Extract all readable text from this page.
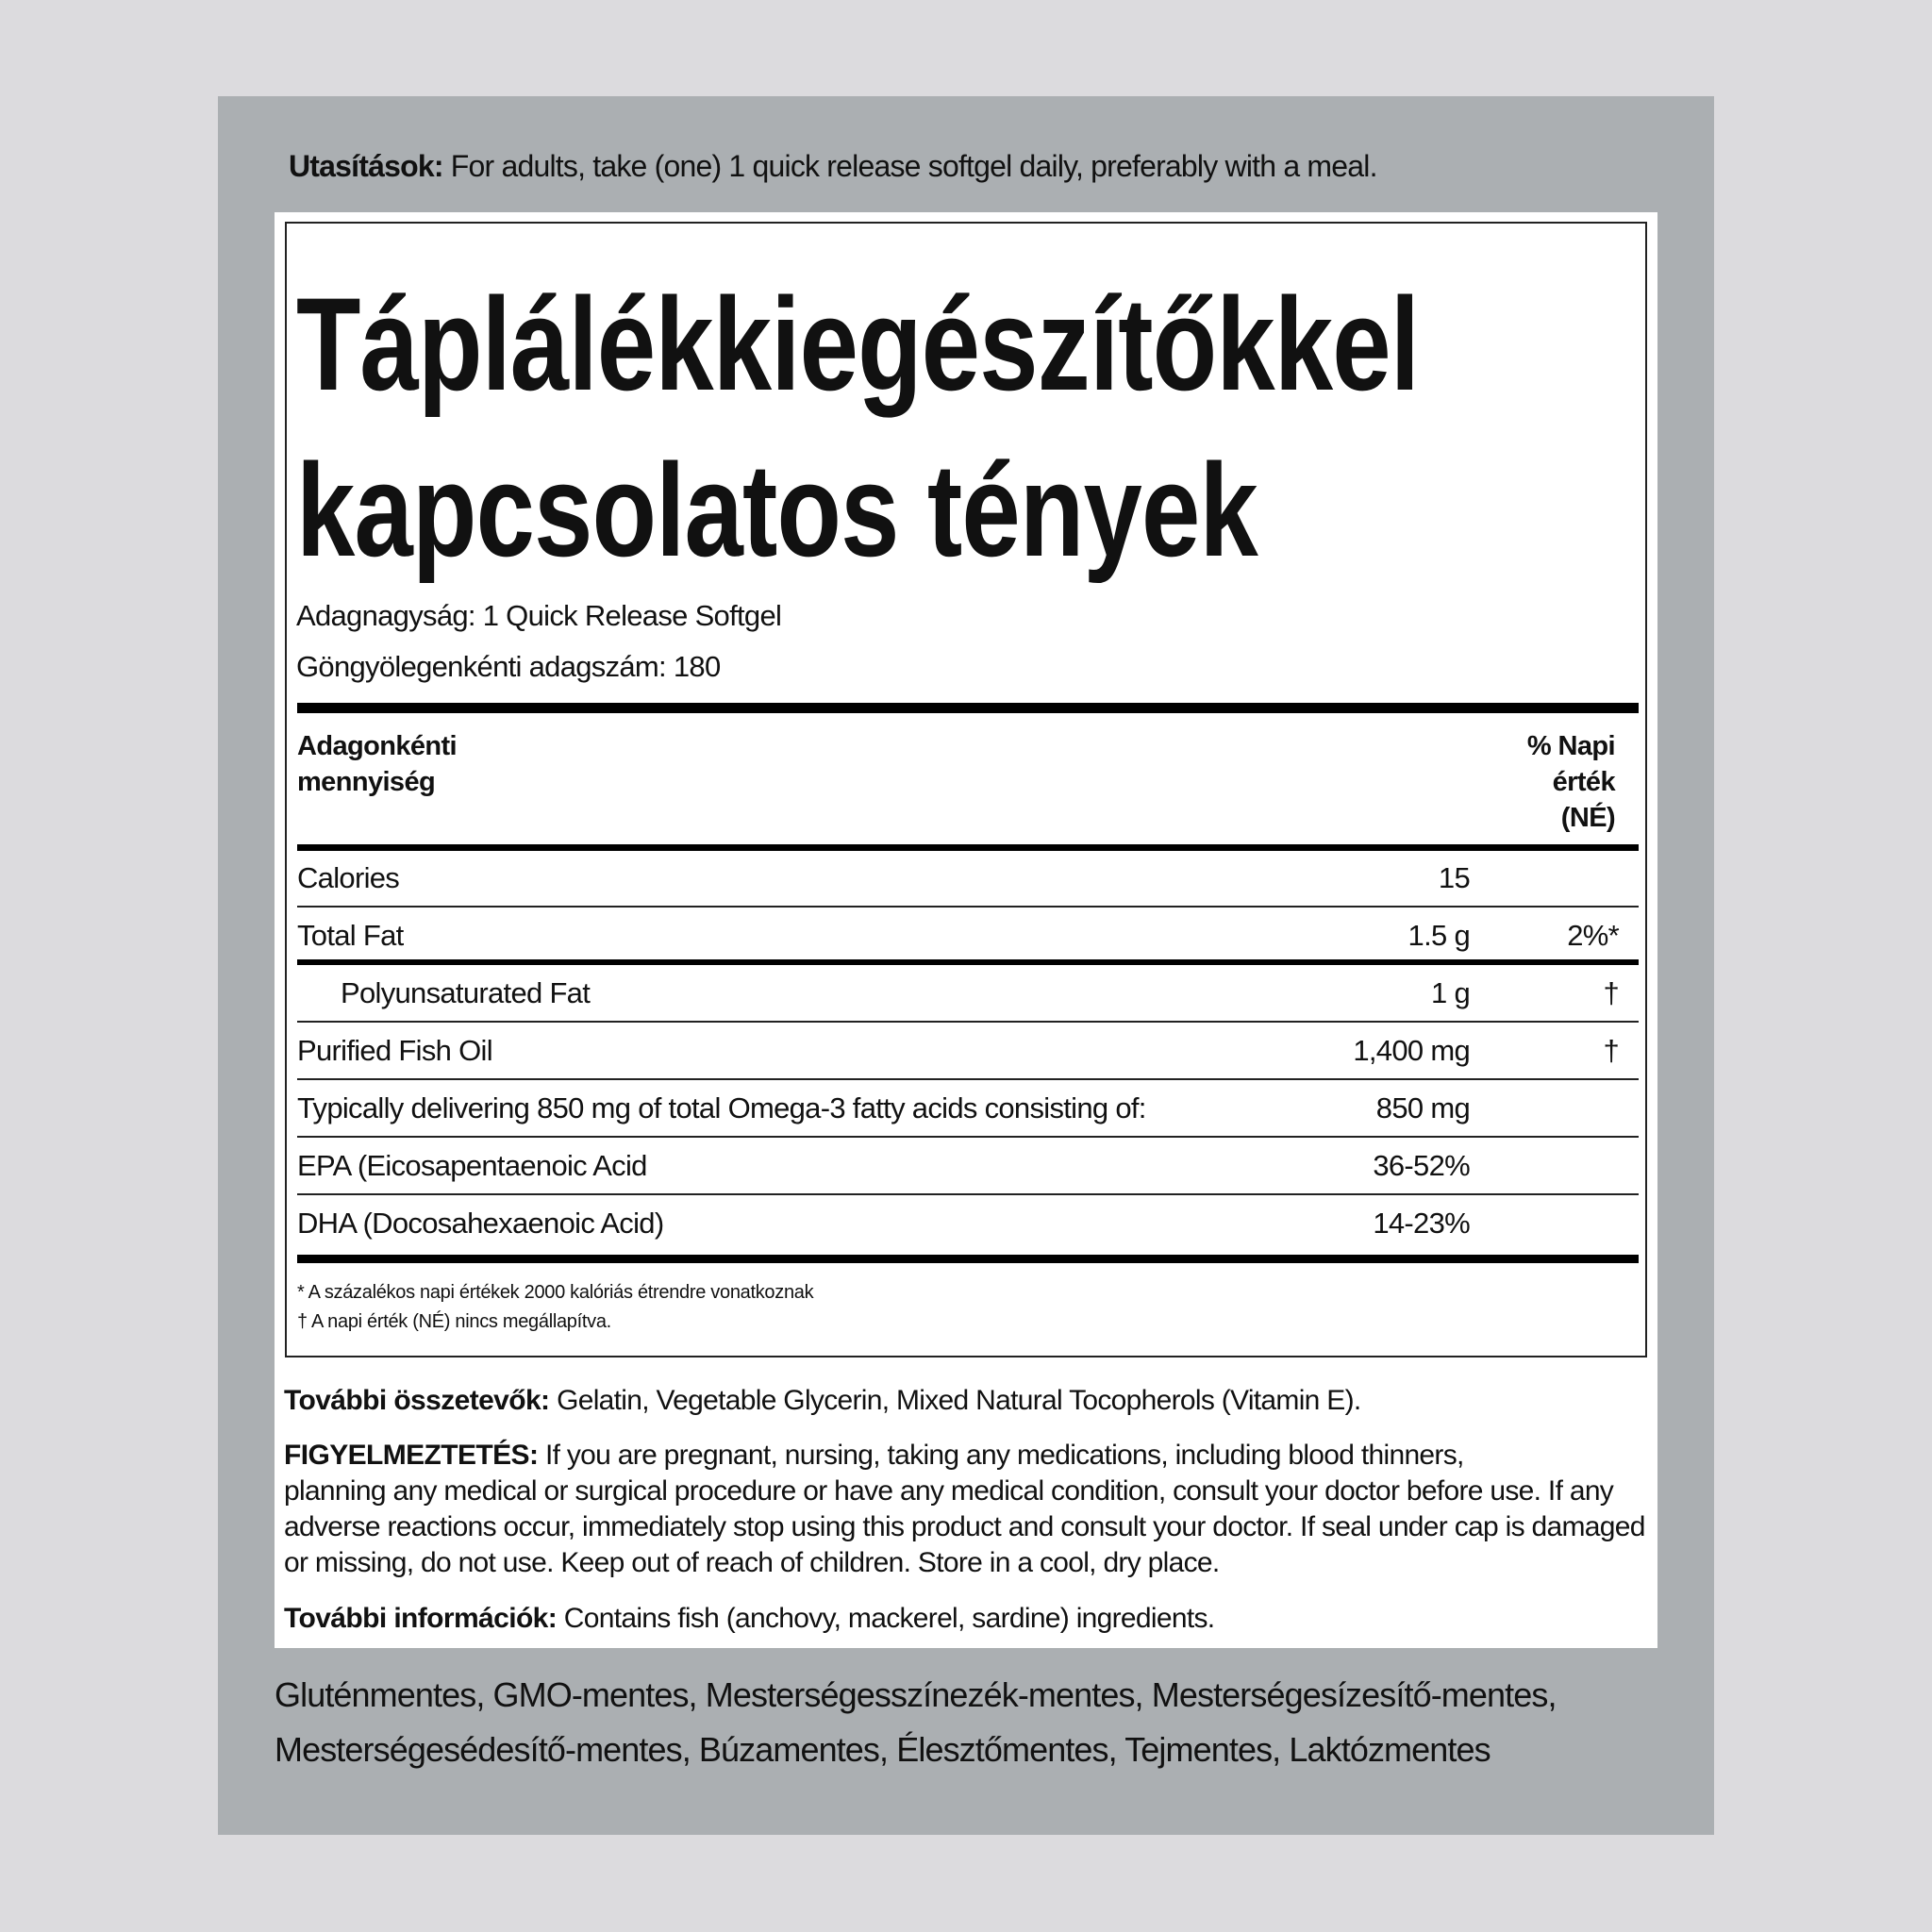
Utasítások: For adults, take (one) 1 quick release softgel daily, preferably with a meal.
Táplálékkiegészítőkkel
kapcsolatos tények
Adagnagyság: 1 Quick Release Softgel
Göngyölegenkénti adagszám: 180
Adagonkénti
mennyiség
% Napi
érték
(NÉ)
Calories	15
Total Fat	1.5 g	2%*
Polyunsaturated Fat	1 g	†
Purified Fish Oil	1,400 mg	†
Typically delivering 850 mg of total Omega-3 fatty acids consisting of:	850 mg
EPA (Eicosapentaenoic Acid	36-52%
DHA (Docosahexaenoic Acid)	14-23%
* A százalékos napi értékek 2000 kalóriás étrendre vonatkoznak
† A napi érték (NÉ) nincs megállapítva.
További összetevők: Gelatin, Vegetable Glycerin, Mixed Natural Tocopherols (Vitamin E).
FIGYELMEZTETÉS: If you are pregnant, nursing, taking any medications, including blood thinners,
planning any medical or surgical procedure or have any medical condition, consult your doctor before use. If any adverse reactions occur, immediately stop using this product and consult your doctor. If seal under cap is damaged or missing, do not use. Keep out of reach of children. Store in a cool, dry place.
További információk: Contains fish (anchovy, mackerel, sardine) ingredients.
Gluténmentes, GMO-mentes, Mesterségesszínezék-mentes, Mesterségesízesítő-mentes,
Mesterségesédesítő-mentes, Búzamentes, Élesztőmentes, Tejmentes, Laktózmentes
